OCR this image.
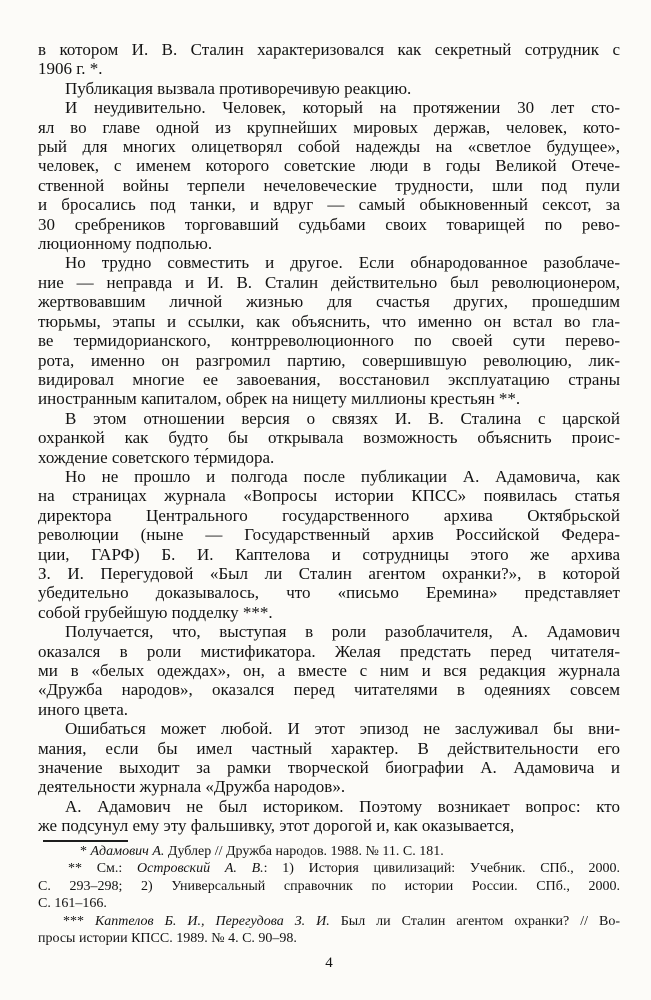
в котором И. В. Сталин характеризовался как секретный сотрудник с
1906 г. *.
Публикация вызвала противоречивую реакцию.
И неудивительно. Человек, который на протяжении 30 лет сто-
ял во главе одной из крупнейших мировых держав, человек, кото-
рый для многих олицетворял собой надежды на «светлое будущее»,
человек, с именем которого советские люди в годы Великой Отече-
ственной войны терпели нечеловеческие трудности, шли под пули
и бросались под танки, и вдруг — самый обыкновенный сексот, за
30 сребреников торговавший судьбами своих товарищей по рево-
люционному подполью.
Но трудно совместить и другое. Если обнародованное разоблаче-
ние — неправда и И. В. Сталин действительно был революционером,
жертвовавшим личной жизнью для счастья других, прошедшим
тюрьмы, этапы и ссылки, как объяснить, что именно он встал во гла-
ве термидорианского, контрреволюционного по своей сути перево-
рота, именно он разгромил партию, совершившую революцию, лик-
видировал многие ее завоевания, восстановил эксплуатацию страны
иностранным капиталом, обрек на нищету миллионы крестьян **.
В этом отношении версия о связях И. В. Сталина с царской
охранкой как будто бы открывала возможность объяснить проис-
хождение советского те́рмидора.
Но не прошло и полгода после публикации А. Адамовича, как
на страницах журнала «Вопросы истории КПСС» появилась статья
директора Центрального государственного архива Октябрьской
революции (ныне — Государственный архив Российской Федера-
ции, ГАРФ) Б. И. Каптелова и сотрудницы этого же архива
З. И. Перегудовой «Был ли Сталин агентом охранки?», в которой
убедительно доказывалось, что «письмо Еремина» представляет
собой грубейшую подделку ***.
Получается, что, выступая в роли разоблачителя, А. Адамович
оказался в роли мистификатора. Желая предстать перед читателя-
ми в «белых одеждах», он, а вместе с ним и вся редакция журнала
«Дружба народов», оказался перед читателями в одеяниях совсем
иного цвета.
Ошибаться может любой. И этот эпизод не заслуживал бы вни-
мания, если бы имел частный характер. В действительности его
значение выходит за рамки творческой биографии А. Адамовича и
деятельности журнала «Дружба народов».
А. Адамович не был историком. Поэтому возникает вопрос: кто
же подсунул ему эту фальшивку, этот дорогой и, как оказывается,
* Адамович А. Дублер // Дружба народов. 1988. № 11. С. 181.
** См.: Островский А. В.: 1) История цивилизаций: Учебник. СПб., 2000.
С. 293–298; 2) Универсальный справочник по истории России. СПб., 2000.
С. 161–166.
*** Каптелов Б. И., Перегудова З. И. Был ли Сталин агентом охранки? // Во-
просы истории КПСС. 1989. № 4. С. 90–98.
4
